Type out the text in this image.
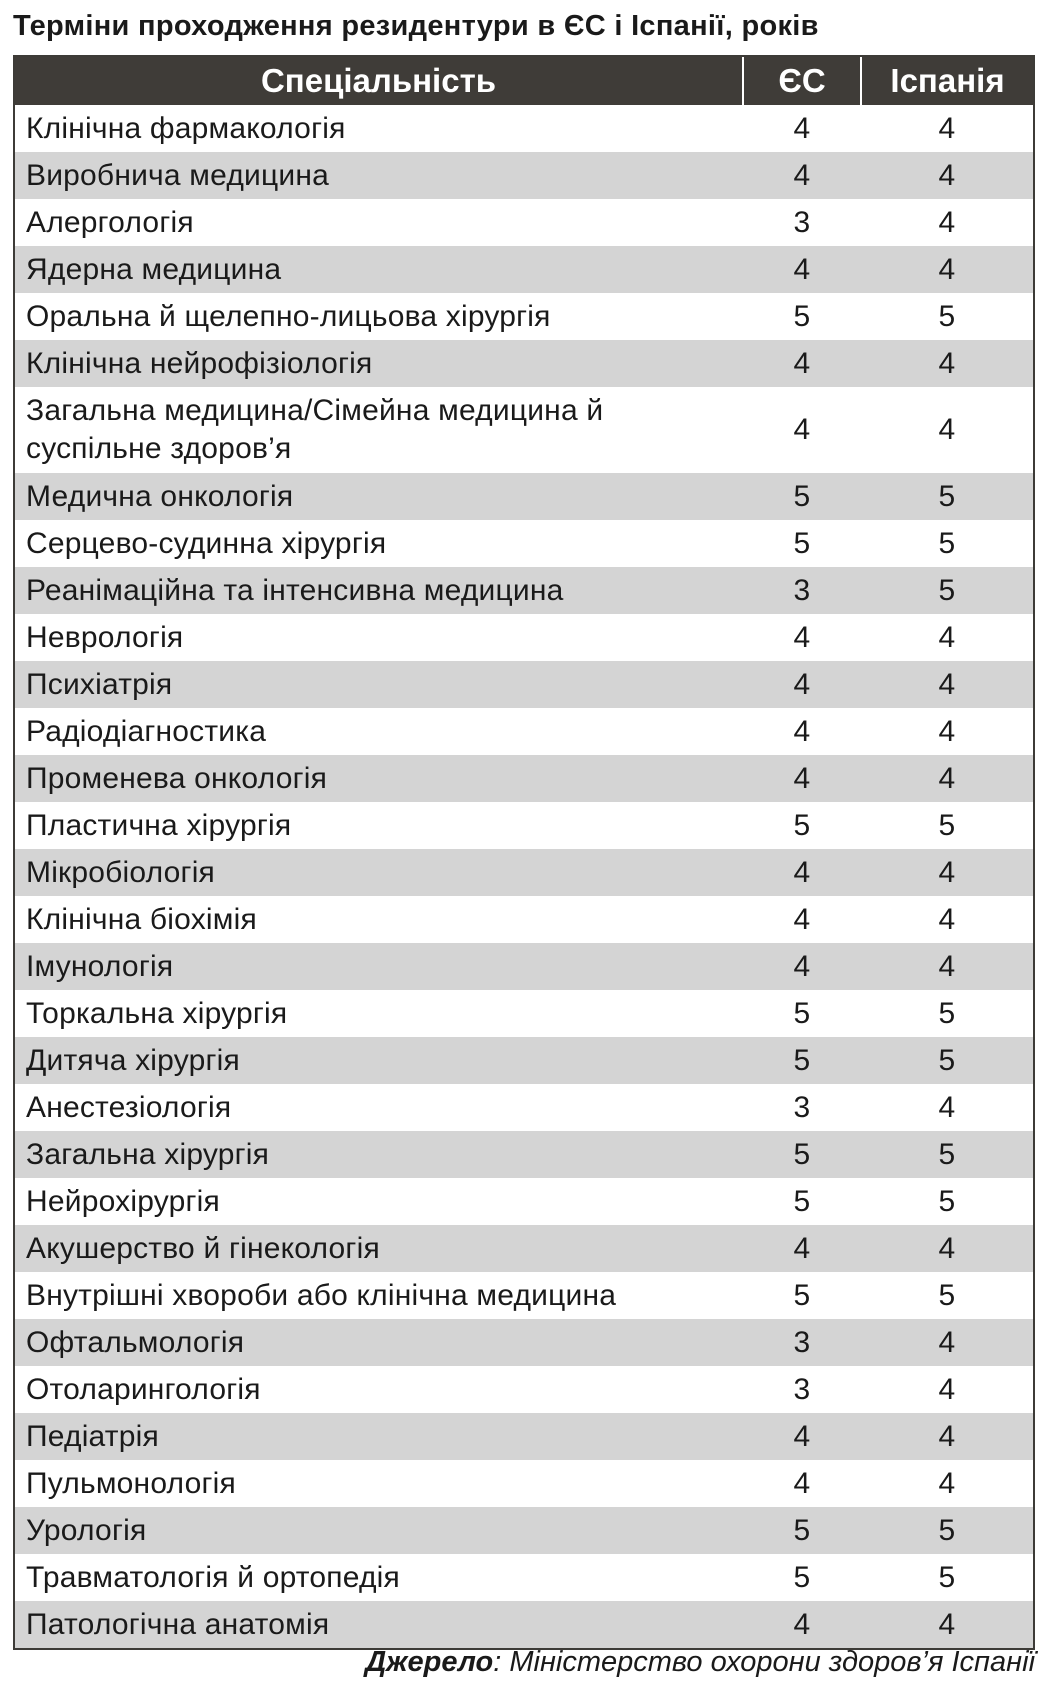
Терміни проходження резидентури в ЄС і Іспанії, років
Спеціальність	ЄС	Іспанія
Клінічна фармакологія	4	4
Виробнича медицина	4	4
Алергологія	3	4
Ядерна медицина	4	4
Оральна й щелепно-лицьова хірургія	5	5
Клінічна нейрофізіологія	4	4
Загальна медицина/Сімейна медицина й суспільне здоров’я	4	4
Медична онкологія	5	5
Серцево-судинна хірургія	5	5
Реанімаційна та інтенсивна медицина	3	5
Неврологія	4	4
Психіатрія	4	4
Радіодіагностика	4	4
Променева онкологія	4	4
Пластична хірургія	5	5
Мікробіологія	4	4
Клінічна біохімія	4	4
Імунологія	4	4
Торкальна хірургія	5	5
Дитяча хірургія	5	5
Анестезіологія	3	4
Загальна хірургія	5	5
Нейрохірургія	5	5
Акушерство й гінекологія	4	4
Внутрішні хвороби або клінічна медицина	5	5
Офтальмологія	3	4
Отоларингологія	3	4
Педіатрія	4	4
Пульмонологія	4	4
Урологія	5	5
Травматологія й ортопедія	5	5
Патологічна анатомія	4	4
Джерело: Міністерство охорони здоров’я Іспанії
